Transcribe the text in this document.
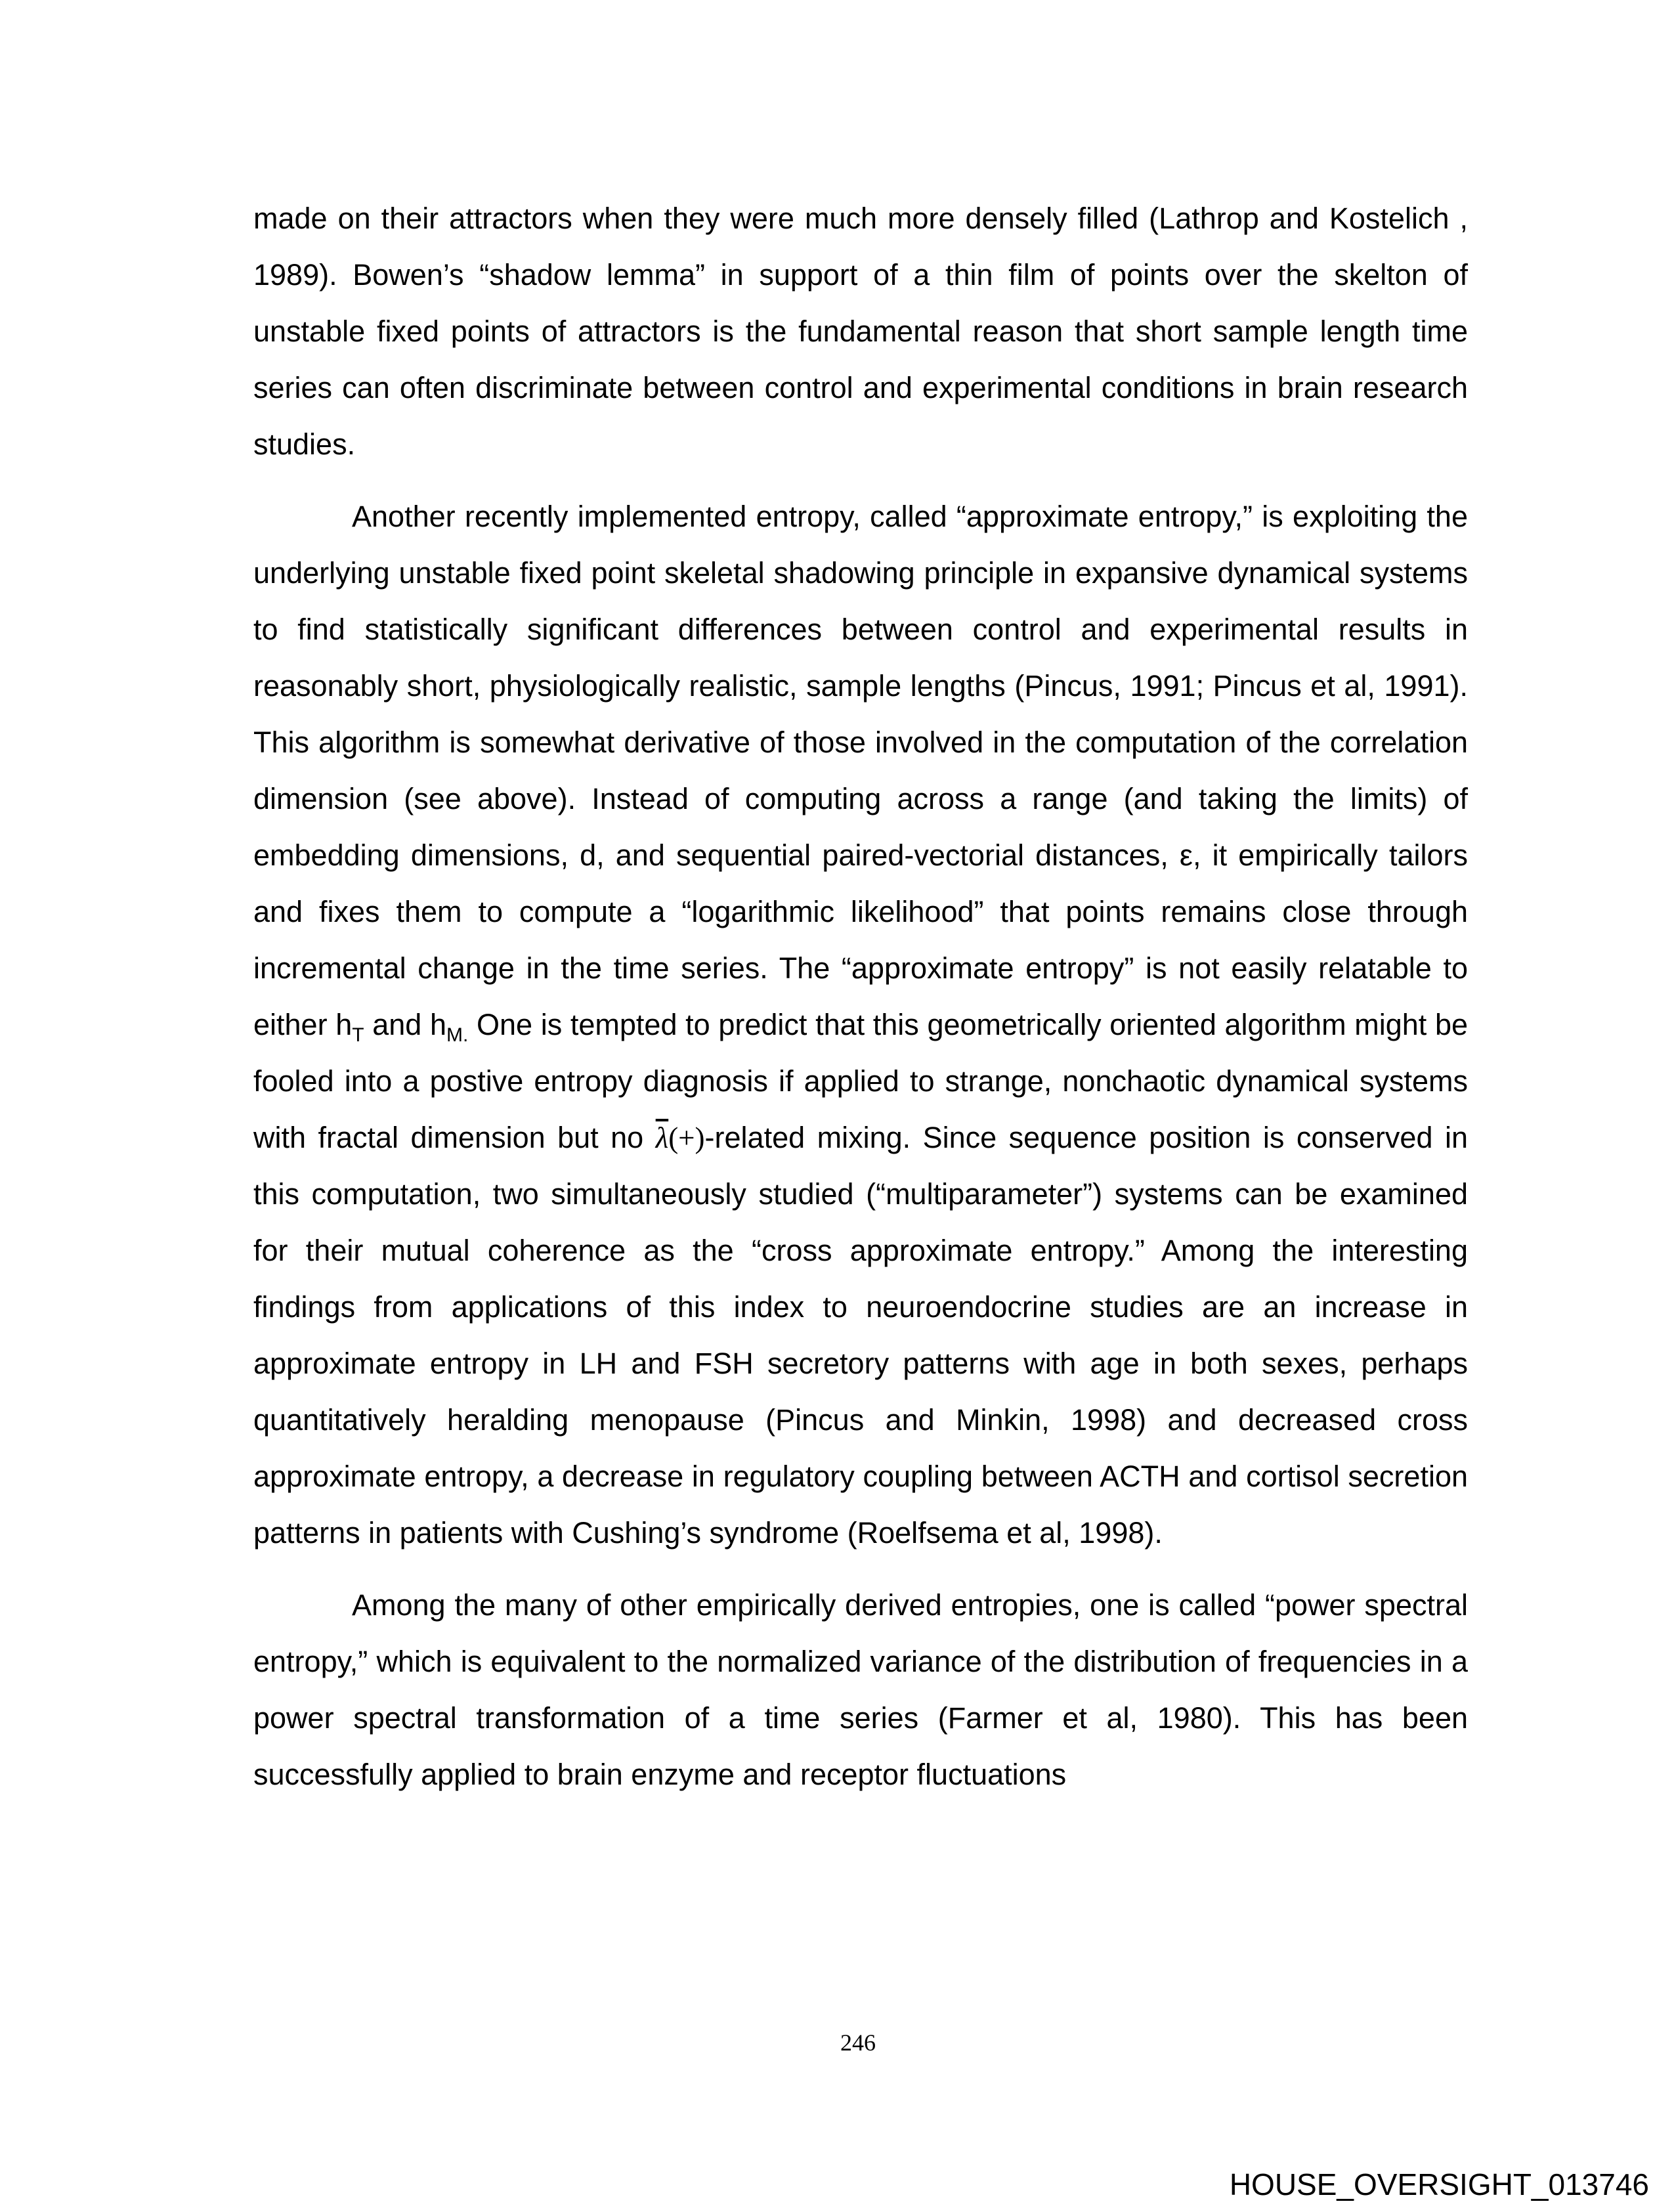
made on their attractors when they were much more densely filled (Lathrop and Kostelich , 1989). Bowen’s “shadow lemma” in support of a thin film of points over the skelton of unstable fixed points of attractors is the fundamental reason that short sample length time series can often discriminate between control and experimental conditions in brain research studies.

Another recently implemented entropy, called “approximate entropy,” is exploiting the underlying unstable fixed point skeletal shadowing principle in expansive dynamical systems to find statistically significant differences between control and experimental results in reasonably short, physiologically realistic, sample lengths (Pincus, 1991; Pincus et al, 1991). This algorithm is somewhat derivative of those involved in the computation of the correlation dimension (see above). Instead of computing across a range (and taking the limits) of embedding dimensions, d, and sequential paired-vectorial distances, ε, it empirically tailors and fixes them to compute a “logarithmic likelihood” that points remains close through incremental change in the time series. The “approximate entropy” is not easily relatable to either $h_T$ and $h_{M.}$ One is tempted to predict that this geometrically oriented algorithm might be fooled into a postive entropy diagnosis if applied to strange, nonchaotic dynamical systems with fractal dimension but no $\overline{\lambda}(+)$-related mixing. Since sequence position is conserved in this computation, two simultaneously studied (“multiparameter”) systems can be examined for their mutual coherence as the “cross approximate entropy.” Among the interesting findings from applications of this index to neuroendocrine studies are an increase in approximate entropy in LH and FSH secretory patterns with age in both sexes, perhaps quantitatively heralding menopause (Pincus and Minkin, 1998) and decreased cross approximate entropy, a decrease in regulatory coupling between ACTH and cortisol secretion patterns in patients with Cushing’s syndrome (Roelfsema et al, 1998).

Among the many of other empirically derived entropies, one is called “power spectral entropy,” which is equivalent to the normalized variance of the distribution of frequencies in a power spectral transformation of a time series (Farmer et al, 1980). This has been successfully applied to brain enzyme and receptor fluctuations

246
HOUSE_OVERSIGHT_013746
